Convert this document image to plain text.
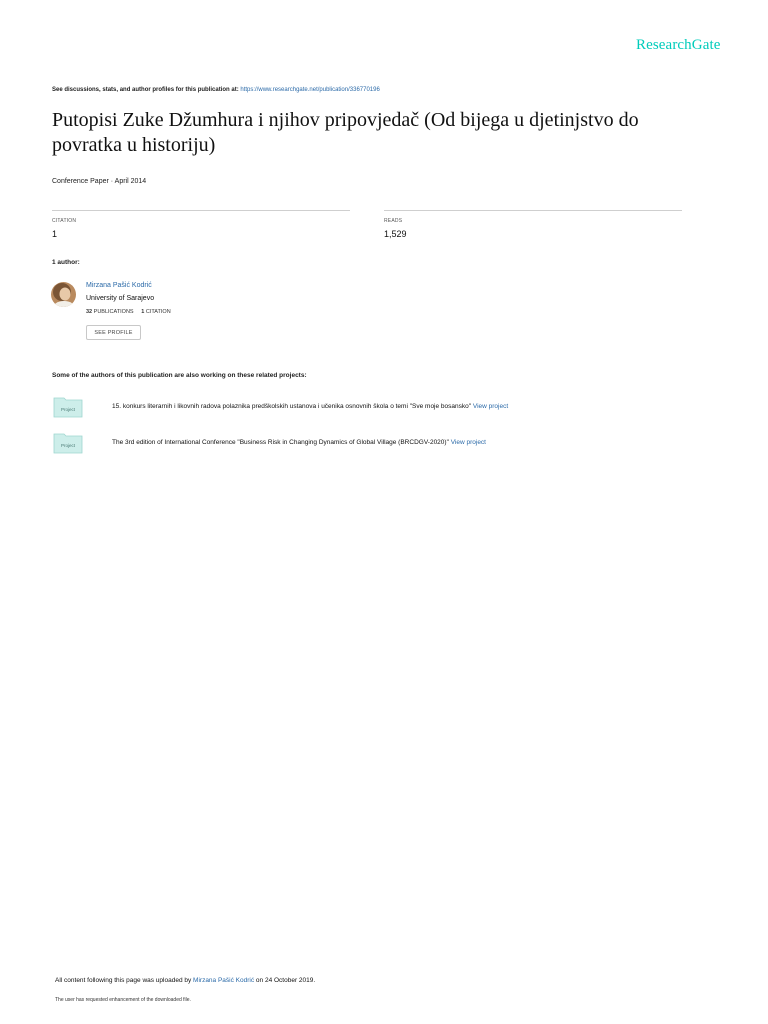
ResearchGate
See discussions, stats, and author profiles for this publication at: https://www.researchgate.net/publication/336770196
Putopisi Zuke Džumhura i njihov pripovjedač (Od bijega u djetinjstvo do povratka u historiju)
Conference Paper · April 2014
CITATION
1
READS
1,529
1 author:
Mirzana Pašić Kodrić
University of Sarajevo
32 PUBLICATIONS 1 CITATION
SEE PROFILE
Some of the authors of this publication are also working on these related projects:
Project	15. konkurs literarnih i likovnih radova polaznika predškolskih ustanova i učenika osnovnih škola o temi "Sve moje bosansko" View project
Project	The 3rd edition of International Conference "Business Risk in Changing Dynamics of Global Village (BRCDGV-2020)" View project
All content following this page was uploaded by Mirzana Pašić Kodrić on 24 October 2019.
The user has requested enhancement of the downloaded file.
